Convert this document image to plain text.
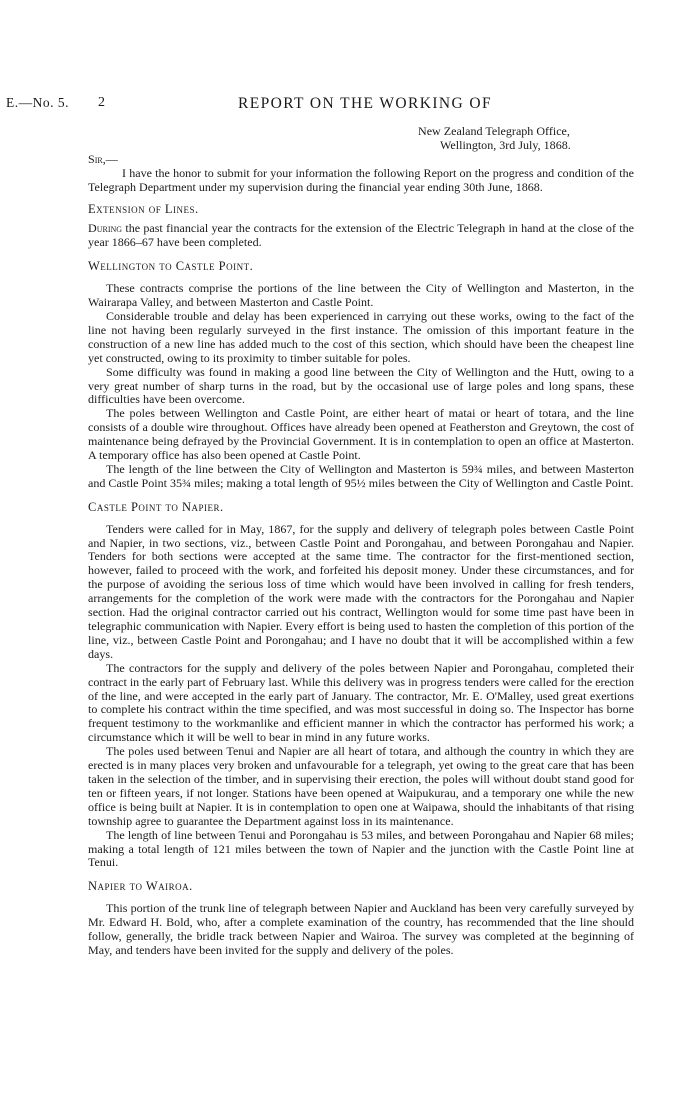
E.—No. 5. 2	REPORT ON THE WORKING OF

New Zealand Telegraph Office,
Wellington, 3rd July, 1868.

Sir,—

I have the honor to submit for your information the following Report on the progress and condition of the Telegraph Department under my supervision during the financial year ending 30th June, 1868.

Extension of Lines.

During the past financial year the contracts for the extension of the Electric Telegraph in hand at the close of the year 1866–67 have been completed.

Wellington to Castle Point.

These contracts comprise the portions of the line between the City of Wellington and Masterton, in the Wairarapa Valley, and between Masterton and Castle Point.

Considerable trouble and delay has been experienced in carrying out these works, owing to the fact of the line not having been regularly surveyed in the first instance. The omission of this important feature in the construction of a new line has added much to the cost of this section, which should have been the cheapest line yet constructed, owing to its proximity to timber suitable for poles.

Some difficulty was found in making a good line between the City of Wellington and the Hutt, owing to a very great number of sharp turns in the road, but by the occasional use of large poles and long spans, these difficulties have been overcome.

The poles between Wellington and Castle Point, are either heart of matai or heart of totara, and the line consists of a double wire throughout. Offices have already been opened at Featherston and Greytown, the cost of maintenance being defrayed by the Provincial Government. It is in contemplation to open an office at Masterton. A temporary office has also been opened at Castle Point.

The length of the line between the City of Wellington and Masterton is 59¾ miles, and between Masterton and Castle Point 35¾ miles; making a total length of 95½ miles between the City of Wellington and Castle Point.

Castle Point to Napier.

Tenders were called for in May, 1867, for the supply and delivery of telegraph poles between Castle Point and Napier, in two sections, viz., between Castle Point and Porongahau, and between Porongahau and Napier. Tenders for both sections were accepted at the same time. The contractor for the first-mentioned section, however, failed to proceed with the work, and forfeited his deposit money. Under these circumstances, and for the purpose of avoiding the serious loss of time which would have been involved in calling for fresh tenders, arrangements for the completion of the work were made with the contractors for the Porongahau and Napier section. Had the original contractor carried out his contract, Wellington would for some time past have been in telegraphic communication with Napier. Every effort is being used to hasten the completion of this portion of the line, viz., between Castle Point and Porongahau; and I have no doubt that it will be accomplished within a few days.

The contractors for the supply and delivery of the poles between Napier and Porongahau, completed their contract in the early part of February last. While this delivery was in progress tenders were called for the erection of the line, and were accepted in the early part of January. The contractor, Mr. E. O'Malley, used great exertions to complete his contract within the time specified, and was most successful in doing so. The Inspector has borne frequent testimony to the workmanlike and efficient manner in which the contractor has performed his work; a circumstance which it will be well to bear in mind in any future works.

The poles used between Tenui and Napier are all heart of totara, and although the country in which they are erected is in many places very broken and unfavourable for a telegraph, yet owing to the great care that has been taken in the selection of the timber, and in supervising their erection, the poles will without doubt stand good for ten or fifteen years, if not longer. Stations have been opened at Waipukurau, and a temporary one while the new office is being built at Napier. It is in contemplation to open one at Waipawa, should the inhabitants of that rising township agree to guarantee the Department against loss in its maintenance.

The length of line between Tenui and Porongahau is 53 miles, and between Porongahau and Napier 68 miles; making a total length of 121 miles between the town of Napier and the junction with the Castle Point line at Tenui.

Napier to Wairoa.

This portion of the trunk line of telegraph between Napier and Auckland has been very carefully surveyed by Mr. Edward H. Bold, who, after a complete examination of the country, has recommended that the line should follow, generally, the bridle track between Napier and Wairoa. The survey was completed at the beginning of May, and tenders have been invited for the supply and delivery of the poles.
